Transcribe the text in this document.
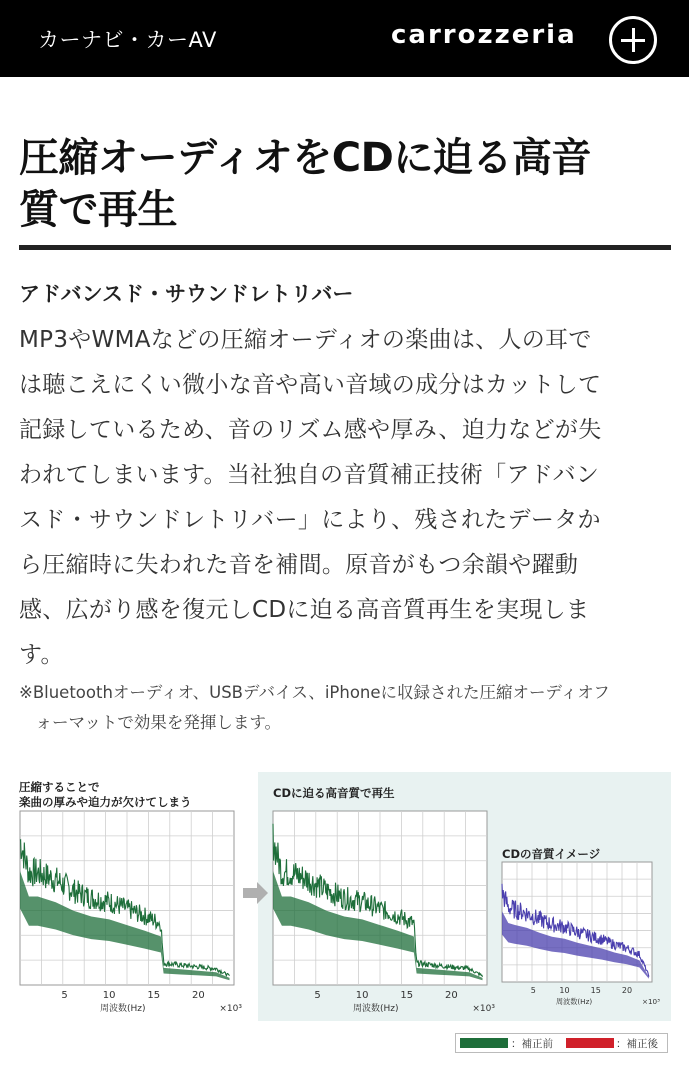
カーナビ・カーAV	carrozzeria
圧縮オーディオをCDに迫る高音
質で再生
アドバンスド・サウンドレトリバー
MP3やWMAなどの圧縮オーディオの楽曲は、人の耳で
は聴こえにくい微小な音や高い音域の成分はカットして
記録しているため、音のリズム感や厚み、迫力などが失
われてしまいます。当社独自の音質補正技術「アドバン
スド・サウンドレトリバー」により、残されたデータか
ら圧縮時に失われた音を補間。原音がもつ余韻や躍動
感、広がり感を復元しCDに迫る高音質再生を実現しま
す。
※Bluetoothオーディオ、USBデバイス、iPhoneに収録された圧縮オーディオフ
　ォーマットで効果を発揮します。
圧縮することで
楽曲の厚みや迫力が欠けてしまう
CDに迫る高音質で再生
CDの音質イメージ
5	10	15	20
周波数(Hz)	×10³
5	10	15	20
周波数(Hz)	×10³
5	10	15	20
周波数(Hz)	×10³
：補正前	：補正後
